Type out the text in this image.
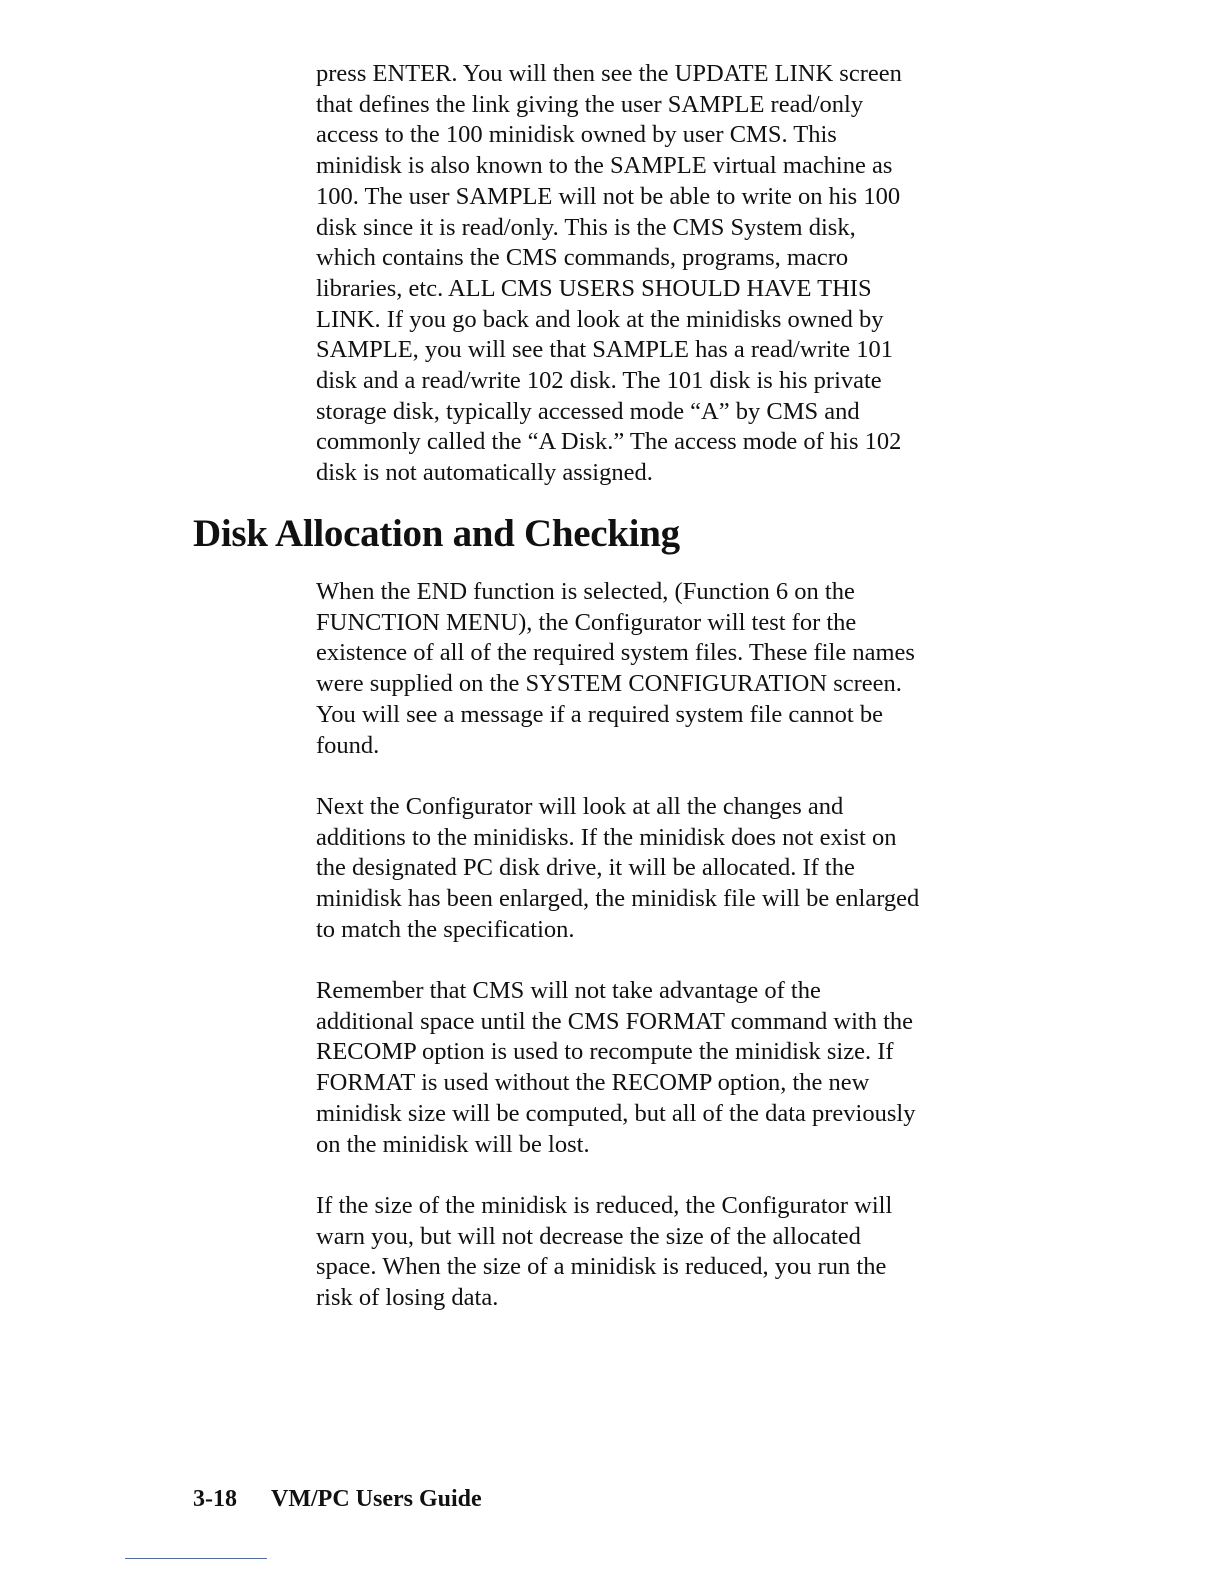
press ENTER. You will then see the UPDATE LINK screen
that defines the link giving the user SAMPLE read/only
access to the 100 minidisk owned by user CMS. This
minidisk is also known to the SAMPLE virtual machine as
100. The user SAMPLE will not be able to write on his 100
disk since it is read/only. This is the CMS System disk,
which contains the CMS commands, programs, macro
libraries, etc. ALL CMS USERS SHOULD HAVE THIS
LINK. If you go back and look at the minidisks owned by
SAMPLE, you will see that SAMPLE has a read/write 101
disk and a read/write 102 disk. The 101 disk is his private
storage disk, typically accessed mode “A” by CMS and
commonly called the “A Disk.” The access mode of his 102
disk is not automatically assigned.

Disk Allocation and Checking

When the END function is selected, (Function 6 on the
FUNCTION MENU), the Configurator will test for the
existence of all of the required system files. These file names
were supplied on the SYSTEM CONFIGURATION screen.
You will see a message if a required system file cannot be
found.

Next the Configurator will look at all the changes and
additions to the minidisks. If the minidisk does not exist on
the designated PC disk drive, it will be allocated. If the
minidisk has been enlarged, the minidisk file will be enlarged
to match the specification.

Remember that CMS will not take advantage of the
additional space until the CMS FORMAT command with the
RECOMP option is used to recompute the minidisk size. If
FORMAT is used without the RECOMP option, the new
minidisk size will be computed, but all of the data previously
on the minidisk will be lost.

If the size of the minidisk is reduced, the Configurator will
warn you, but will not decrease the size of the allocated
space. When the size of a minidisk is reduced, you run the
risk of losing data.

3-18 VM/PC Users Guide
